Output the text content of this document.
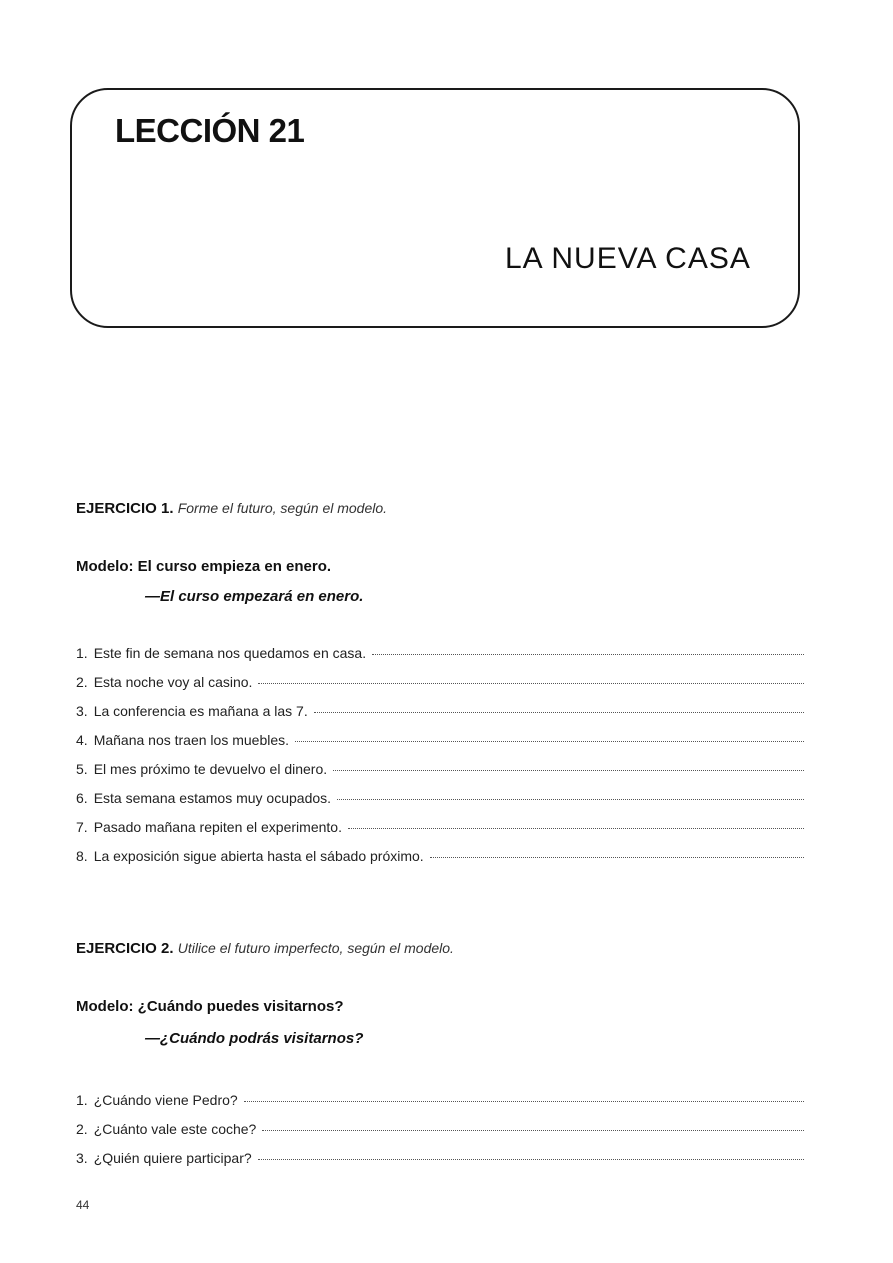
LECCIÓN 21
LA NUEVA CASA
EJERCICIO 1. Forme el futuro, según el modelo.
Modelo: El curso empieza en enero.
—El curso empezará en enero.
1. Este fin de semana nos quedamos en casa.
2. Esta noche voy al casino.
3. La conferencia es mañana a las 7.
4. Mañana nos traen los muebles.
5. El mes próximo te devuelvo el dinero.
6. Esta semana estamos muy ocupados.
7. Pasado mañana repiten el experimento.
8. La exposición sigue abierta hasta el sábado próximo.
EJERCICIO 2. Utilice el futuro imperfecto, según el modelo.
Modelo: ¿Cuándo puedes visitarnos?
—¿Cuándo podrás visitarnos?
1. ¿Cuándo viene Pedro?
2. ¿Cuánto vale este coche?
3. ¿Quién quiere participar?
44
